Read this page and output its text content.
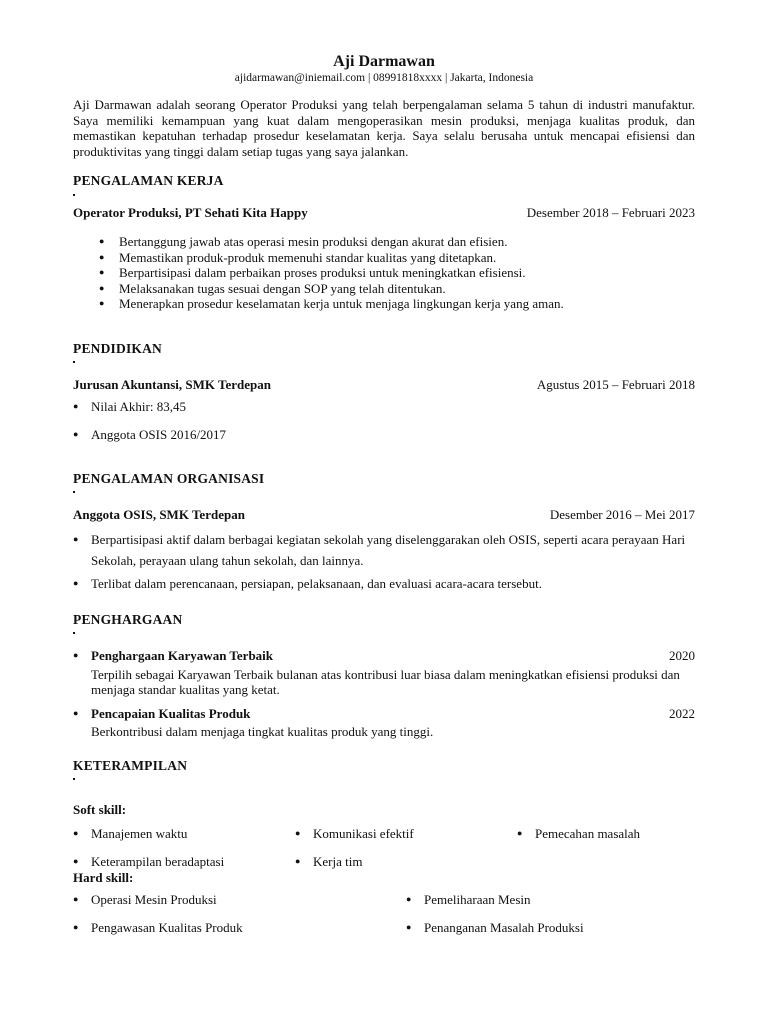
Aji Darmawan
ajidarmawan@iniemail.com | 08991818xxxx | Jakarta, Indonesia
Aji Darmawan adalah seorang Operator Produksi yang telah berpengalaman selama 5 tahun di industri manufaktur. Saya memiliki kemampuan yang kuat dalam mengoperasikan mesin produksi, menjaga kualitas produk, dan memastikan kepatuhan terhadap prosedur keselamatan kerja. Saya selalu berusaha untuk mencapai efisiensi dan produktivitas yang tinggi dalam setiap tugas yang saya jalankan.
PENGALAMAN KERJA
Operator Produksi, PT Sehati Kita Happy	Desember 2018 – Februari 2023
● Bertanggung jawab atas operasi mesin produksi dengan akurat dan efisien.
● Memastikan produk-produk memenuhi standar kualitas yang ditetapkan.
● Berpartisipasi dalam perbaikan proses produksi untuk meningkatkan efisiensi.
● Melaksanakan tugas sesuai dengan SOP yang telah ditentukan.
● Menerapkan prosedur keselamatan kerja untuk menjaga lingkungan kerja yang aman.
PENDIDIKAN
Jurusan Akuntansi, SMK Terdepan	Agustus 2015 – Februari 2018
● Nilai Akhir: 83,45
● Anggota OSIS 2016/2017
PENGALAMAN ORGANISASI
Anggota OSIS, SMK Terdepan	Desember 2016 – Mei 2017
● Berpartisipasi aktif dalam berbagai kegiatan sekolah yang diselenggarakan oleh OSIS, seperti acara perayaan Hari Sekolah, perayaan ulang tahun sekolah, dan lainnya.
● Terlibat dalam perencanaan, persiapan, pelaksanaan, dan evaluasi acara-acara tersebut.
PENGHARGAAN
● Penghargaan Karyawan Terbaik	2020
Terpilih sebagai Karyawan Terbaik bulanan atas kontribusi luar biasa dalam meningkatkan efisiensi produksi dan menjaga standar kualitas yang ketat.
● Pencapaian Kualitas Produk	2022
Berkontribusi dalam menjaga tingkat kualitas produk yang tinggi.
KETERAMPILAN
Soft skill:
● Manajemen waktu	● Komunikasi efektif	● Pemecahan masalah
● Keterampilan beradaptasi	● Kerja tim
Hard skill:
● Operasi Mesin Produksi	● Pemeliharaan Mesin
● Pengawasan Kualitas Produk	● Penanganan Masalah Produksi
